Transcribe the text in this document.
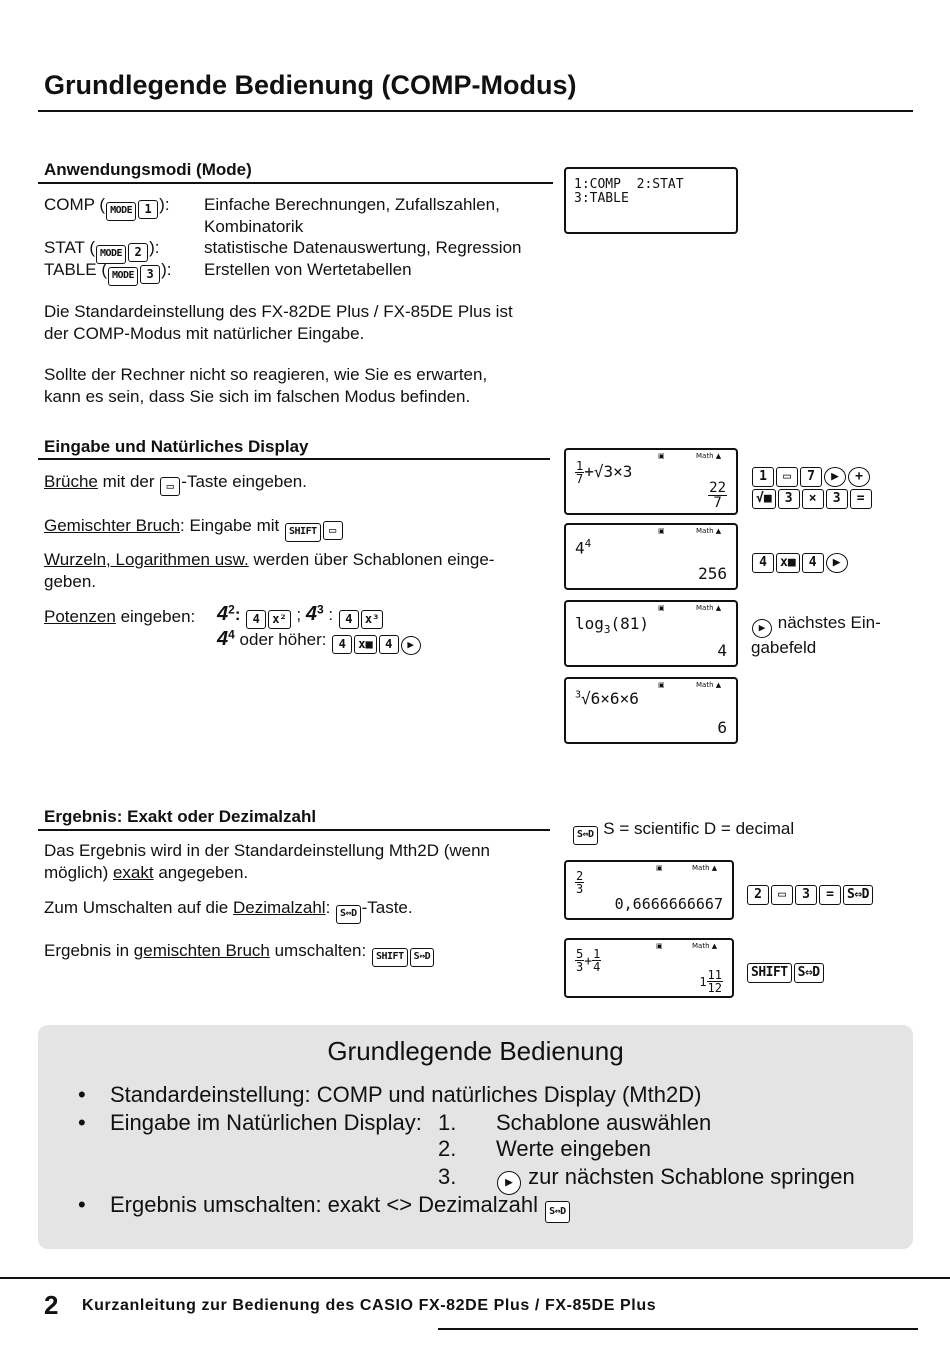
Grundlegende Bedienung (COMP-Modus)
Anwendungsmodi (Mode)
COMP ( MODE 1 ): Einfache Berechnungen, Zufallszahlen,
Kombinatorik
STAT ( MODE 2 ):	statistische Datenauswertung, Regression
TABLE ( MODE 3 ): Erstellen von Wertetabellen
Die Standardeinstellung des FX-82DE Plus / FX-85DE Plus ist
der COMP-Modus mit natürlicher Eingabe.
Sollte der Rechner nicht so reagieren, wie Sie es erwarten,
kann es sein, dass Sie sich im falschen Modus befinden.
1:COMP  2:STAT
3:TABLE
Eingabe und Natürliches Display
Brüche mit der ▭ -Taste eingeben.
Gemischter Bruch: Eingabe mit SHIFT ▭
Wurzeln, Logarithmen usw. werden über Schablonen einge-
geben.
Potenzen eingeben: $4^2$: 4 x² ; $4^3$ : 4 x³
$4^4$ oder höher: 4 x■ 4 ▶
▣	Math ▲
$\frac{1}{7} +√3\times 3$
$\frac{22}{7}$
1 ▭ 7 ▶ +
√■ 3 × 3 =
▣	Math ▲
$4^4$
256
4 x■ 4 ▶
▣	Math ▲
$\log_3(81)$
4
▶ nächstes Ein-
gabefeld
▣	Math ▲
$^3$√6×6×6
6
Ergebnis: Exakt oder Dezimalzahl
Das Ergebnis wird in der Standardeinstellung Mth2D (wenn
möglich) exakt angegeben.
Zum Umschalten auf die Dezimalzahl: S⇔D -Taste.
Ergebnis in gemischten Bruch umschalten: SHIFT S⇔D
S⇔D S = scientific D = decimal
▣	Math ▲
$\frac{2}{3}$
0,6666666667
2 ▭ 3 = S⇔D
▣	Math ▲
$\frac{5}{3} + \frac{1}{4}$
$1 \frac{11}{12}$	SHIFT S⇔D
Grundlegende Bedienung
• Standardeinstellung: COMP und natürliches Display (Mth2D)
• Eingabe im Natürlichen Display: 1. Schablone auswählen
2. Werte eingeben
3.	▶ zur nächsten Schablone springen
• Ergebnis umschalten: exakt <> Dezimalzahl S⇔D
2 Kurzanleitung zur Bedienung des CASIO FX-82DE Plus / FX-85DE Plus
